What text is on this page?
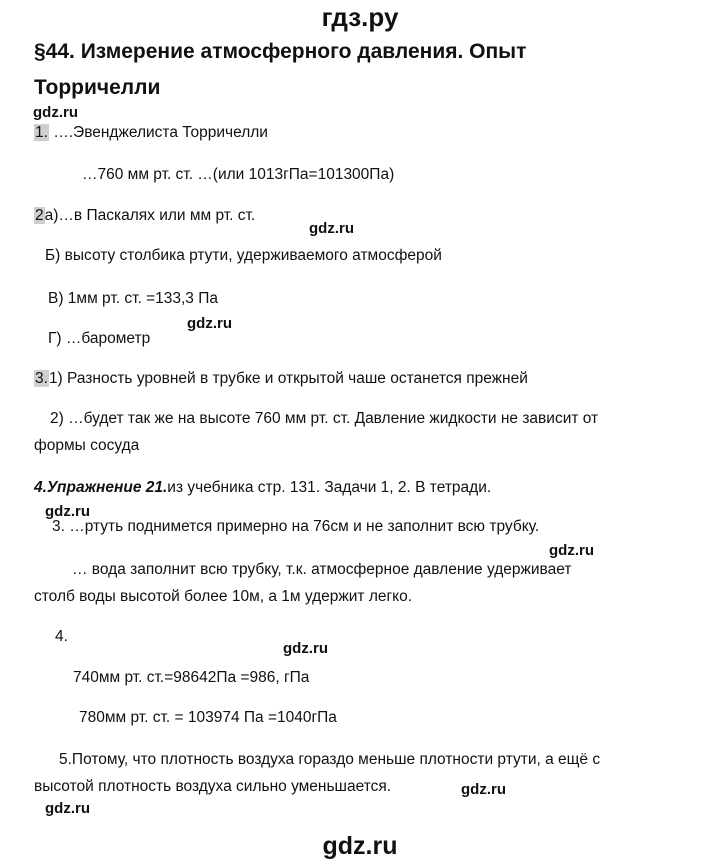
гдз.ру
§44. Измерение атмосферного давления. Опыт
Торричелли
gdz.ru
1. ….Эвенджелиста Торричелли
…760 мм рт. ст. …(или 1013гПа=101300Па)
2а)…в Паскалях или мм рт. ст.
gdz.ru
Б) высоту столбика ртути, удерживаемого атмосферой
В) 1мм рт. ст. =133,3 Па
gdz.ru
Г) …барометр
3.1) Разность уровней в трубке и открытой чаше останется прежней
2) …будет так же на высоте 760 мм рт. ст. Давление жидкости не зависит от
формы сосуда
4.Упражнение 21.из учебника стр. 131. Задачи 1, 2. В тетради.
gdz.ru
3. …ртуть поднимется примерно на 76см и не заполнит всю трубку.
gdz.ru
… вода заполнит всю трубку, т.к. атмосферное давление удерживает
столб воды высотой более 10м, а 1м удержит легко.
4.
gdz.ru
740мм рт. ст.=98642Па =986, гПа
780мм рт. ст. = 103974 Па =1040гПа
5.Потому, что плотность воздуха гораздо меньше плотности ртути, а ещё с
высотой плотность воздуха сильно уменьшается.	gdz.ru
gdz.ru
gdz.ru
